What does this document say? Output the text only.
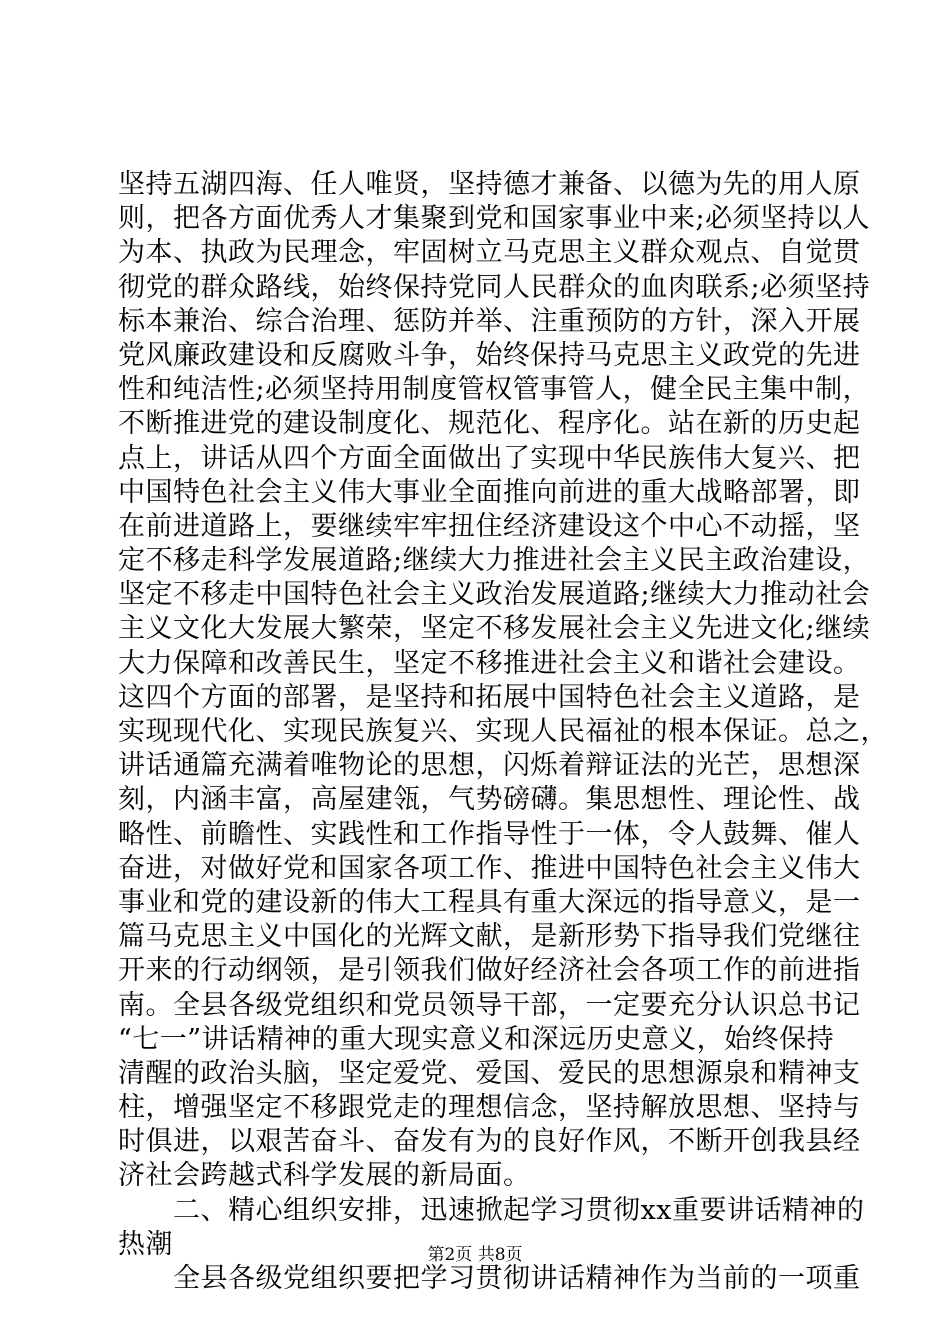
坚持五湖四海、任人唯贤，坚持德才兼备、以德为先的用人原
则，把各方面优秀人才集聚到党和国家事业中来;必须坚持以人
为本、执政为民理念，牢固树立马克思主义群众观点、自觉贯
彻党的群众路线，始终保持党同人民群众的血肉联系;必须坚持
标本兼治、综合治理、惩防并举、注重预防的方针，深入开展
党风廉政建设和反腐败斗争，始终保持马克思主义政党的先进
性和纯洁性;必须坚持用制度管权管事管人，健全民主集中制，
不断推进党的建设制度化、规范化、程序化。站在新的历史起
点上，讲话从四个方面全面做出了实现中华民族伟大复兴、把
中国特色社会主义伟大事业全面推向前进的重大战略部署，即
在前进道路上，要继续牢牢扭住经济建设这个中心不动摇，坚
定不移走科学发展道路;继续大力推进社会主义民主政治建设，
坚定不移走中国特色社会主义政治发展道路;继续大力推动社会
主义文化大发展大繁荣，坚定不移发展社会主义先进文化;继续
大力保障和改善民生，坚定不移推进社会主义和谐社会建设。
这四个方面的部署，是坚持和拓展中国特色社会主义道路，是
实现现代化、实现民族复兴、实现人民福祉的根本保证。总之，
讲话通篇充满着唯物论的思想，闪烁着辩证法的光芒，思想深
刻，内涵丰富，高屋建瓴，气势磅礴。集思想性、理论性、战
略性、前瞻性、实践性和工作指导性于一体，令人鼓舞、催人
奋进，对做好党和国家各项工作、推进中国特色社会主义伟大
事业和党的建设新的伟大工程具有重大深远的指导意义，是一
篇马克思主义中国化的光辉文献，是新形势下指导我们党继往
开来的行动纲领，是引领我们做好经济社会各项工作的前进指
南。全县各级党组织和党员领导干部，一定要充分认识总书记
“七一”讲话精神的重大现实意义和深远历史意义，始终保持
清醒的政治头脑，坚定爱党、爱国、爱民的思想源泉和精神支
柱，增强坚定不移跟党走的理想信念，坚持解放思想、坚持与
时俱进，以艰苦奋斗、奋发有为的良好作风，不断开创我县经
济社会跨越式科学发展的新局面。
　　二、精心组织安排，迅速掀起学习贯彻xx重要讲话精神的
热潮
　　全县各级党组织要把学习贯彻讲话精神作为当前的一项重
第2页 共8页
